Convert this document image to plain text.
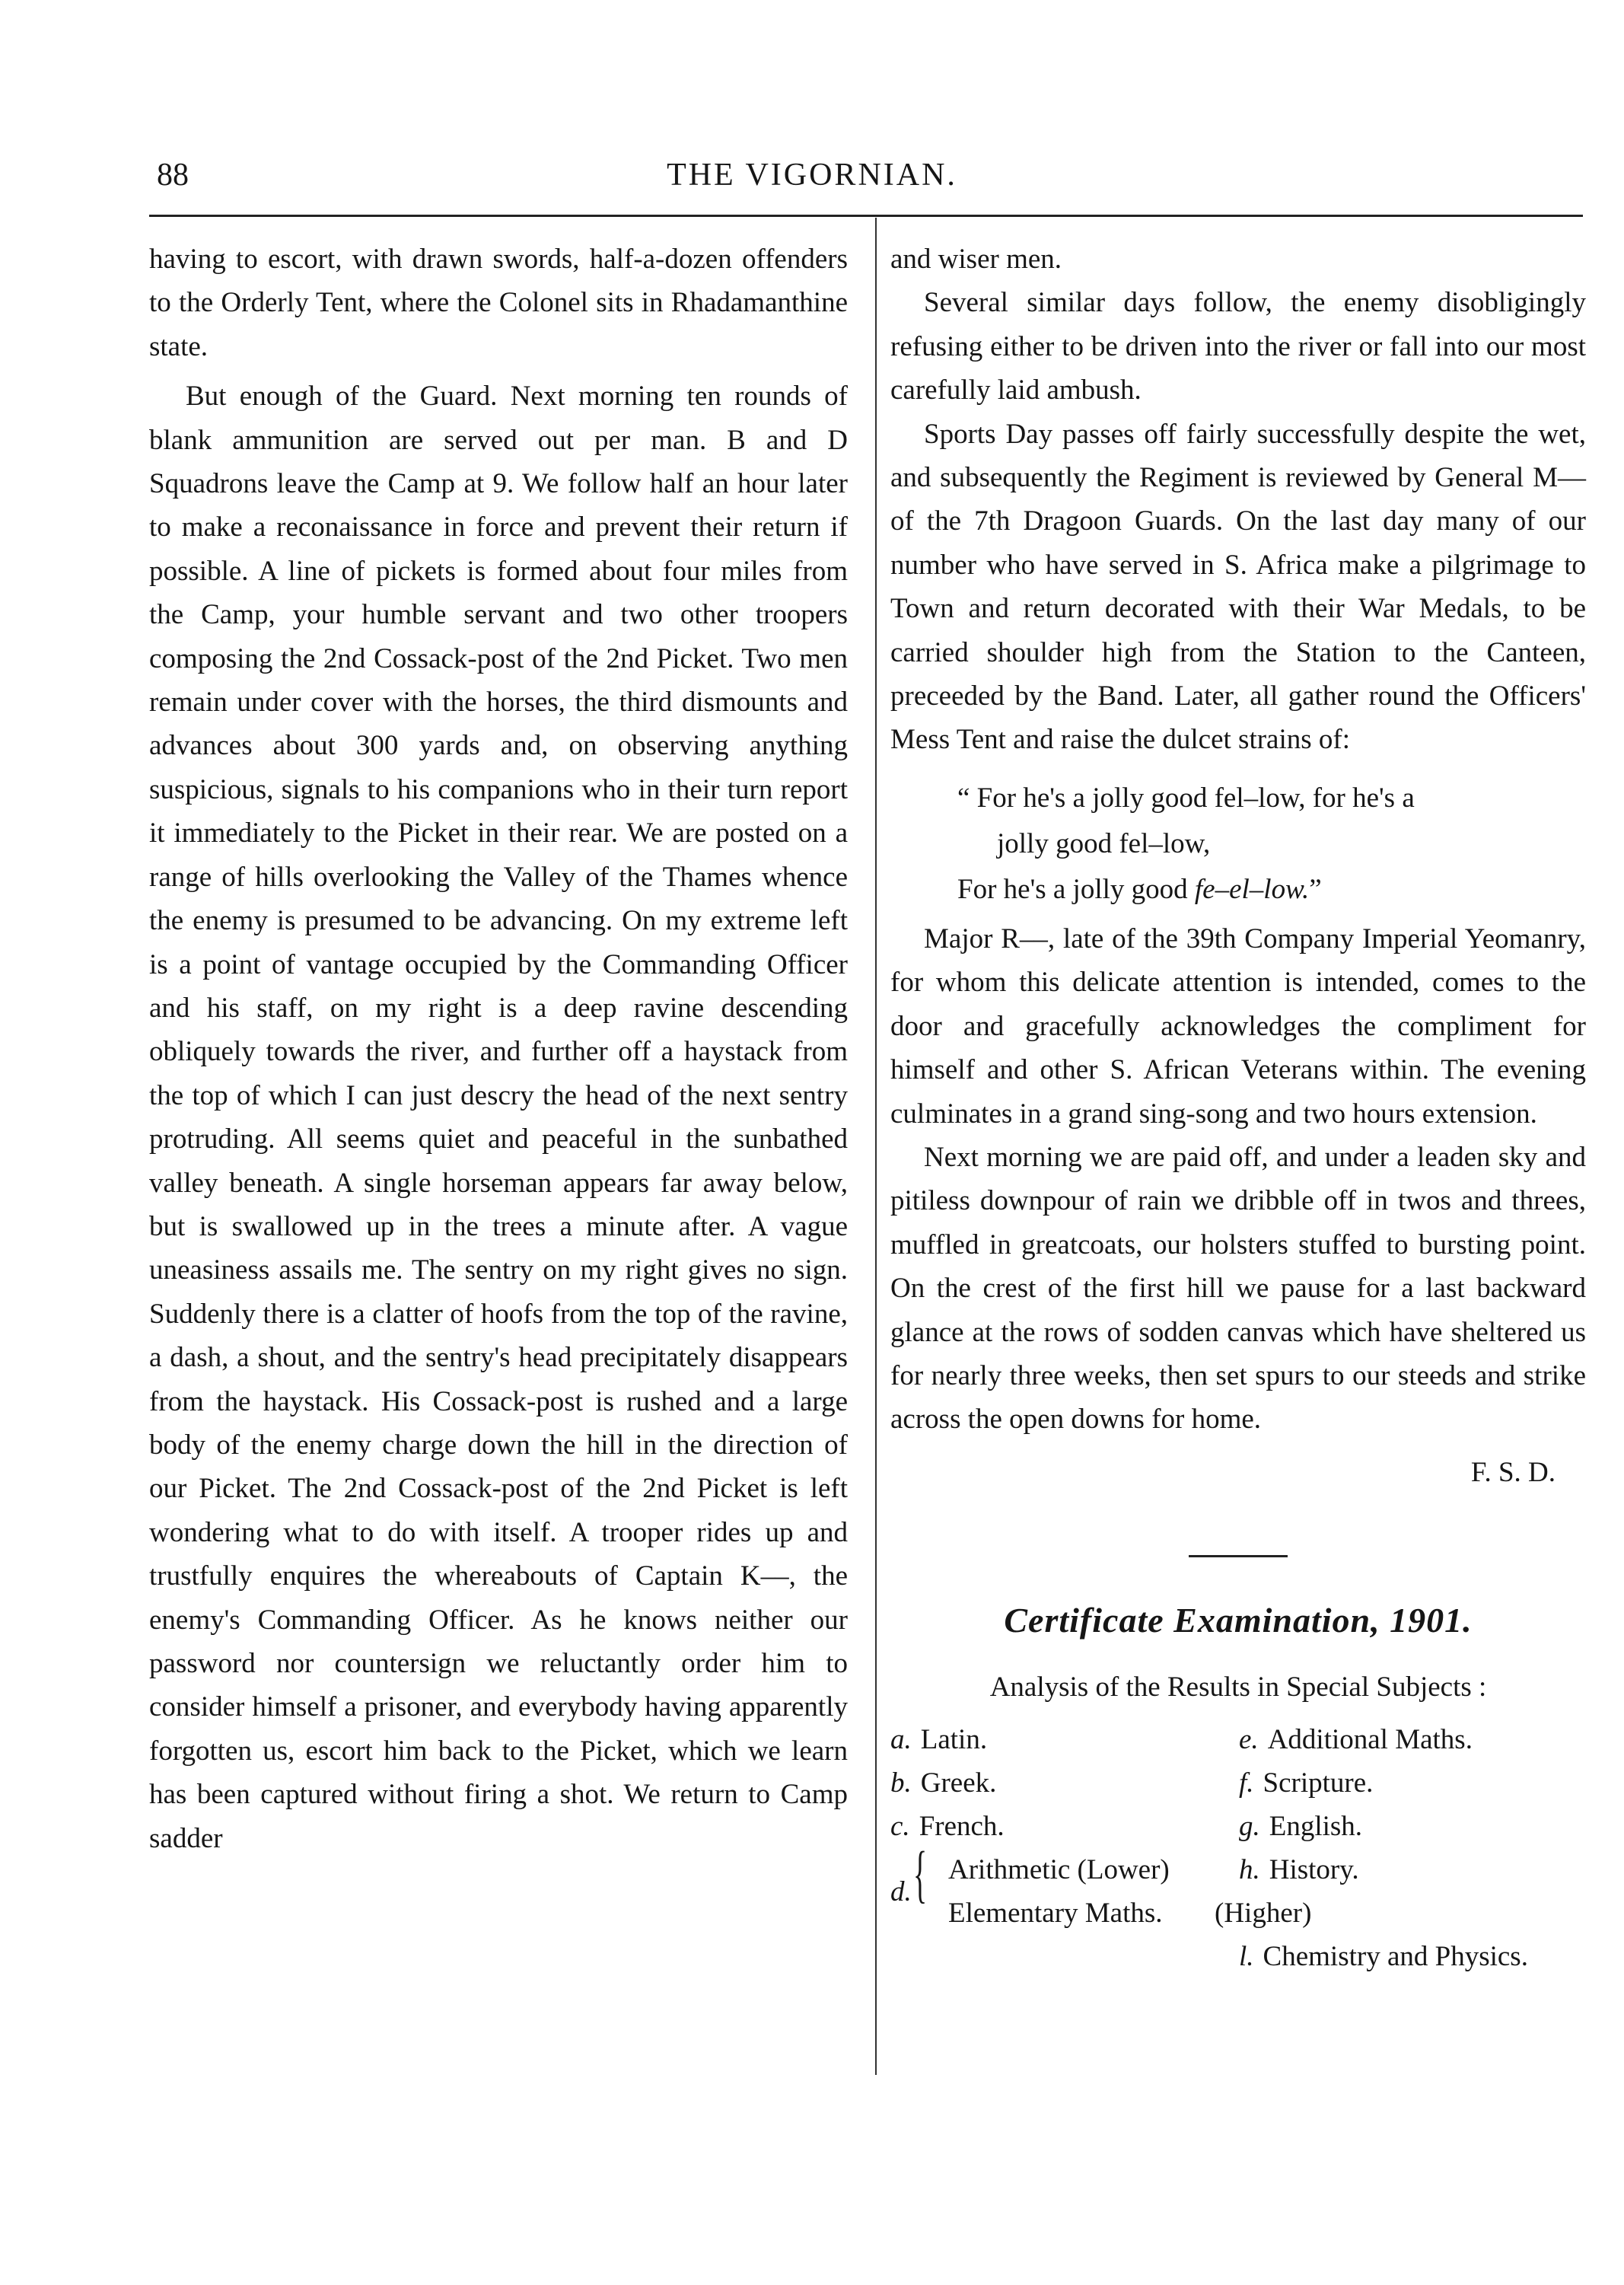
88	THE VIGORNIAN.

having to escort, with drawn swords, half-a-dozen offenders to the Orderly Tent, where the Colonel sits in Rhadamanthine state.

But enough of the Guard. Next morning ten rounds of blank ammunition are served out per man. B and D Squadrons leave the Camp at 9. We follow half an hour later to make a reconaissance in force and prevent their return if possible. A line of pickets is formed about four miles from the Camp, your humble servant and two other troopers composing the 2nd Cossack-post of the 2nd Picket. Two men remain under cover with the horses, the third dismounts and advances about 300 yards and, on observing anything suspicious, signals to his companions who in their turn report it immediately to the Picket in their rear. We are posted on a range of hills overlooking the Valley of the Thames whence the enemy is presumed to be advancing. On my extreme left is a point of vantage occupied by the Commanding Officer and his staff, on my right is a deep ravine descending obliquely towards the river, and further off a haystack from the top of which I can just descry the head of the next sentry protruding. All seems quiet and peaceful in the sunbathed valley beneath. A single horseman appears far away below, but is swallowed up in the trees a minute after. A vague uneasiness assails me. The sentry on my right gives no sign. Suddenly there is a clatter of hoofs from the top of the ravine, a dash, a shout, and the sentry's head precipitately disappears from the haystack. His Cossack-post is rushed and a large body of the enemy charge down the hill in the direction of our Picket. The 2nd Cossack-post of the 2nd Picket is left wondering what to do with itself. A trooper rides up and trustfully enquires the whereabouts of Captain K––, the enemy's Commanding Officer. As he knows neither our password nor countersign we reluctantly order him to consider himself a prisoner, and everybody having apparently forgotten us, escort him back to the Picket, which we learn has been captured without firing a shot. We return to Camp sadder

and wiser men.

Several similar days follow, the enemy disobligingly refusing either to be driven into the river or fall into our most carefully laid ambush.

Sports Day passes off fairly successfully despite the wet, and subsequently the Regiment is reviewed by General M— of the 7th Dragoon Guards. On the last day many of our number who have served in S. Africa make a pilgrimage to Town and return decorated with their War Medals, to be carried shoulder high from the Station to the Canteen, preceeded by the Band. Later, all gather round the Officers' Mess Tent and raise the dulcet strains of:

“ For he's a jolly good fel–low, for he's a
jolly good fel–low,
For he's a jolly good fe–el–low.”

Major R––, late of the 39th Company Imperial Yeomanry, for whom this delicate attention is intended, comes to the door and gracefully acknowledges the compliment for himself and other S. African Veterans within. The evening culminates in a grand sing-song and two hours extension.

Next morning we are paid off, and under a leaden sky and pitiless downpour of rain we dribble off in twos and threes, muffled in greatcoats, our holsters stuffed to bursting point. On the crest of the first hill we pause for a last backward glance at the rows of sodden canvas which have sheltered us for nearly three weeks, then set spurs to our steeds and strike across the open downs for home.

F. S. D.
Certificate Examination, 1901.
Analysis of the Results in Special Subjects :
a. Latin.
b. Greek.
c. French.
d. { Arithmetic (Lower)
Elementary Maths.
e. Additional Maths.
f. Scripture.
g. English.
h. History.
(Higher)
l. Chemistry and Physics.
